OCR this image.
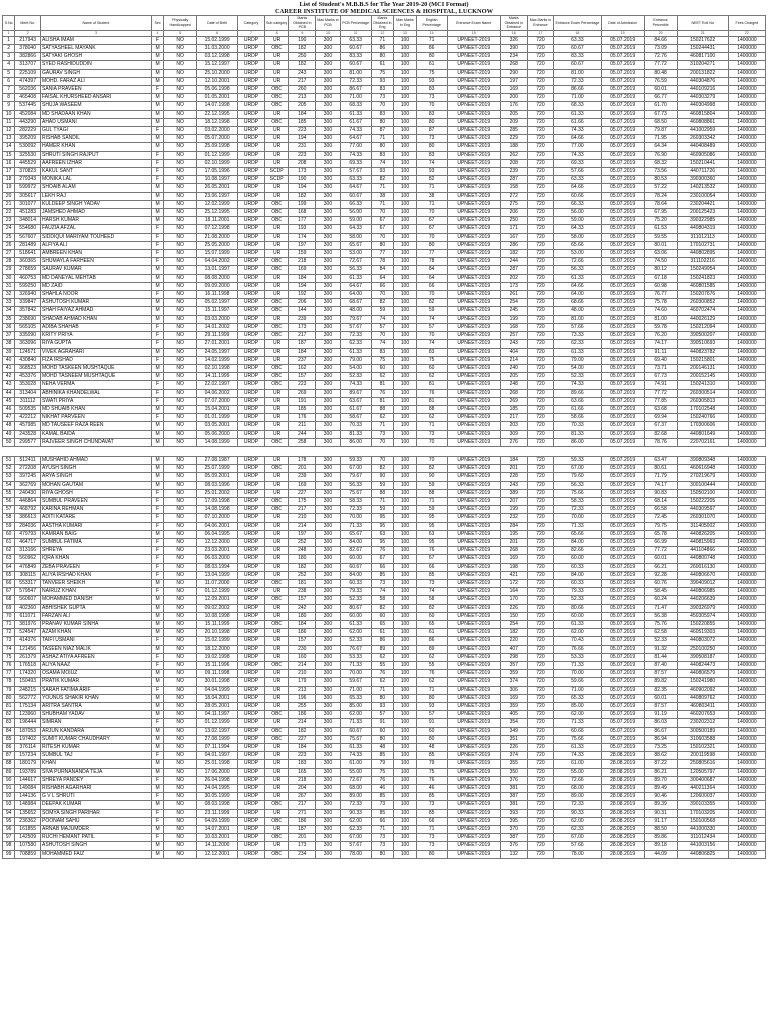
List of Student's M.B.B.S for The Year 2019-20 (MCI Format)
CAREER INSTITUTE OF MEDICAL SCIENCES & HOSPITAL, LUCKNOW
S.No	Merit No.	Name of Student	Sex	Physically Handicapped	Date of Birth	Category	Sub category	Marks Obtained in PCB	Max Marks in PCB	PCB Percentage	Marks Obtained in Eng	Max Marks in Eng	English Percentage	Entrance Exam Name	Marks Obtained in Entrance	Max Marks in Entrance	Entrance Exam Percentage	Date of Admission	Entrance Percentile	NEET Roll No	Fees Charged
1	2	3	4	5	6	7	8	9	10	11	12	13	14	15	16	17	18	19	20	21	22
1	217943	ALISHA IMAM	F	NO	15.02.1999	URDP	UR	190	300	63.33	71	100	71	UPNEET-2019	326	720	63.33	05.07.2019	84.66	150217622	1400000
2	378040	SATYASHEEL MAYANK	M	NO	31.03.2000	URDP	OBC	182	300	60.67	86	100	86	UPNEET-2019	390	720	60.67	05.07.2019	73.09	150244431	1400000
3	382866	SATYAKI GHOSH	M	NO	03.12.1998	URDP	UR	250	300	83.33	80	100	80	UPNEET-2019	234	720	83.33	05.07.2019	72.76	460817100	1400000
4	313707	SYED RASHIDUDDIN	M	NO	15.12.1997	URDP	UR	182	300	60.67	61	100	61	UPNEET-2019	268	720	60.67	05.07.2019	77.72	310204271	1400000
5	225109	GAURAV SINGH	M	NO	25.10.2000	URDP	UR	243	300	81.00	75	100	75	UPNEET-2019	290	720	81.00	05.07.2019	80.48	200131822	1400000
6	474397	MOHD. FARAZ ALI	M	NO	12.10.2001	URDP	UR	217	300	72.33	93	100	93	UPNEET-2019	197	720	72.33	05.07.2019	76.59	440304876	1400000
7	562036	SANIA PRAVEEN	F	NO	05.06.1998	URDP	OBC	260	300	86.67	83	100	83	UPNEET-2019	169	720	86.66	05.07.2019	60.01	440109216	1400000
8	465408	FAISAL KHURSHEED ANSARI	M	NO	01.05.2001	URDP	OBC	213	300	71.00	73	100	73	UPNEET-2019	200	720	71.00	05.07.2019	66.77	440303279	1400000
9	537445	SHUJA WASEEM	M	NO	14.07.1998	URDP	OBC	205	300	68.33	70	100	70	UPNEET-2019	176	720	68.33	05.07.2019	61.70	440304998	1400000
10	452084	MD SHADAAN KHAN	M	NO	22.12.1995	URDP	UR	184	300	61.33	83	100	83	UPNEET-2019	205	720	61.33	05.07.2019	67.73	460815804	1400000
11	443290	AHAD USMANI	M	NO	18.12.1998	URDP	OBC	185	300	61.67	80	100	80	UPNEET-2019	209	720	61.66	05.07.2019	68.50	460808861	1400000
12	282229	GUL TYAGI	F	NO	03.02.2000	URDP	UR	223	300	74.33	87	100	87	UPNEET-2019	285	720	74.33	05.07.2019	79.87	441002959	1400000
13	395209	RISHAB SANDIL	M	NO	05.07.2000	URDP	UR	194	300	64.67	71	100	73	UPNEET-2019	229	720	64.66	05.07.2019	71.95	260303342	1400000
14	530092	HAMER KHAN	M	NO	25.09.1998	URDP	UR	231	300	77.00	80	100	80	UPNEET-2019	188	720	77.00	05.07.2019	64.34	440408489	1400000
15	325530	SHRUTI SINGH RAJPUT	F	NO	01.12.1999	URDP	UR	223	300	74.33	83	100	83	UPNEET-2019	262	720	74.33	05.07.2019	76.90	460905086	1400000
16	445529	AAFREEN IZHAR	F	NO	02.10.1999	URDP	UR	208	300	69.33	74	100	74	UPNEET-2019	208	720	69.33	05.07.2019	68.32	150210441	1400000
17	370823	KAKUL SANT	F	NO	17.05.1996	URDP	SCDP	173	300	57.67	93	100	93	UPNEET-2019	239	720	57.66	05.07.2019	73.56	440711726	1400000
18	279343	MONIKA LAL	F	NO	10.08.1997	URDP	SCDP	190	300	63.33	82	100	82	UPNEET-2019	287	720	63.33	05.07.2019	80.53	390300360	1400000
19	599972	SHOAIB ALAM	M	NO	26.05.2001	URDP	UR	194	300	64.67	71	100	71	UPNEET-2019	158	720	64.66	05.07.2019	57.22	140213532	1400000
20	305617	LEKH RAJ	M	NO	23.06.1997	URDP	UR	182	300	60.67	38	100	38	UPNEET-2019	272	720	60.66	05.07.2019	78.24	230100054	1400000
21	301077	KULDEEP SINGH YADAV	M	NO	12.02.1999	URDP	OBC	199	300	66.33	71	100	71	UPNEET-2019	275	720	66.33	05.07.2019	78.64	230204421	1400000
22	451283	JAMSHED AHMAD	M	NO	25.12.1995	URDP	OBC	168	300	56.00	70	100	70	UPNEET-2019	206	720	56.00	05.07.2019	67.95	200125423	1400000
23	348014	HARSH KUMAR	M	NO	18.11.2001	URDP	OBC	177	300	59.00	67	100	67	UPNEET-2019	250	720	59.00	05.07.2019	75.20	390322985	1400000
24	554680	FAUZIA AFZAL	F	NO	07.12.1998	URDP	UR	193	300	64.33	67	100	67	UPNEET-2019	171	720	64.33	05.07.2019	61.53	440804319	1400000
25	567607	SIDDIQUI MARIYAM TOUHEED	F	NO	21.08.2000	URDP	UR	174	300	58.00	70	100	70	UPNEET-2019	167	720	58.00	05.07.2019	59.55	311012113	1400000
26	281489	ALFIYA ALI	F	NO	25.05.2000	URDP	UR	197	300	65.67	80	100	80	UPNEET-2019	286	720	65.66	05.07.2019	80.01	170102731	1400000
27	518641	AMBREEN KHAN	F	NO	15.07.1999	URDP	UR	159	300	53.00	77	100	77	UPNEET-2019	182	720	53.00	05.07.2019	63.06	440802895	1400000
28	360365	SHUMAYLA FARHEEN	F	NO	04.04.2002	URDP	OBC	218	300	72.67	78	100	78	UPNEET-2019	244	720	72.66	05.07.2019	74.50	311102216	1400000
29	278659	SAURAV KUMAR	M	NO	13.01.1997	URDP	OBC	169	300	56.33	84	100	84	UPNEET-2019	287	720	56.33	05.07.2019	80.12	150249954	1400000
30	460753	MD DANEYAL MEHTAB	M	NO	08.08.2000	URDP	UR	184	300	61.33	64	100	64	UPNEET-2019	202	720	61.33	05.07.2019	67.18	150241823	1400000
31	599250	MD ZAID	M	NO	09.09.2000	URDP	UR	194	300	64.67	66	100	66	UPNEET-2019	173	720	64.66	05.07.2019	60.98	460801585	1400000
32	326940	SHAHLA NOOR	F	NO	16.11.1998	URDP	UR	192	300	64.00	70	100	70	UPNEET-2019	261	720	64.00	05.07.2019	76.77	150207676	1400000
33	339847	ASHUTOSH KUMAR	M	NO	05.02.1997	URDP	OBC	206	300	68.67	82	100	82	UPNEET-2019	254	720	68.66	05.07.2019	75.78	260300852	1400000
34	357842	SHAH FAIYAZ AHMAD	M	NO	15.11.1997	URDP	OBC	144	300	48.00	59	100	59	UPNEET-2019	245	720	48.00	05.07.2019	74.60	460702474	1400000
35	238690	SHADAB AHMAD KHAN	M	NO	03.03.2000	URDP	UR	239	300	79.67	74	100	74	UPNEET-2019	199	720	81.00	05.07.2019	81.00	440026129	1400000
36	565105	ADIBA SHAHAB	F	NO	14.01.2002	URDP	OBC	173	300	57.67	57	100	57	UPNEET-2019	168	720	57.66	05.07.2019	59.78	150212094	1400000
37	335090	KRITY PRIYA	F	NO	29.11.1999	URDP	OBC	217	300	72.33	70	100	70	UPNEET-2019	257	720	73.33	05.07.2019	76.20	390500207	1400000
38	363096	RIYA GUPTA	F	NO	27.01.2001	URDP	UR	187	300	62.33	74	100	74	UPNEET-2019	243	720	62.33	05.07.2019	74.17	390510693	1400000
39	124571	VIVEK AGRAHARI	M	NO	24.05.1997	URDP	UR	184	300	61.33	83	100	83	UPNEET-2019	404	720	61.33	05.07.2019	91.11	440823782	1400000
40	430840	FIZA IRSHAD	F	NO	14.02.1999	URDP	UR	237	300	79.00	75	100	75	UPNEET-2019	214	720	79.00	05.07.2019	69.40	150215801	1400000
41	368523	MOHD TASKEEN MUSHTAQUE	M	NO	02.10.1998	URDP	OBC	162	300	54.00	60	100	60	UPNEET-2019	240	720	54.00	05.07.2019	73.71	200146131	1400000
42	453376	MOHD TASNEEM MUSHTAQUE	M	NO	14.11.1999	URDP	OBC	157	300	52.33	62	100	62	UPNEET-2019	205	720	52.33	05.07.2019	67.73	200152145	1400000
43	353028	NEHA VERMA	F	NO	22.02.1997	URDP	OBC	223	300	74.33	81	100	81	UPNEET-2019	248	720	74.33	05.07.2019	74.91	150241310	1400000
44	313404	ABHINIKA KHANDELWAL	F	NO	04.06.2002	URDP	UR	269	300	89.67	76	100	76	UPNEET-2019	268	720	89.66	05.07.2019	77.72	260300514	1400000
45	311112	SWATI PRIYA	F	NO	07.07.2000	URDP	UR	191	300	63.67	81	100	81	UPNEET-2019	269	720	63.66	05.07.2019	77.85	260305813	1400000
46	509535	MD SHUAIB KHAN	M	NO	15.04.2001	URDP	UR	185	300	61.67	88	100	88	UPNEET-2019	185	720	61.66	05.07.2019	63.68	170102548	1400000
47	422212	NIKHAT PARVEEN	F	NO	01.01.1999	URDP	UR	176	300	58.67	62	100	62	UPNEET-2019	217	720	58.66	05.07.2019	69.94	150240766	1400000
48	457985	MD TAUSEEF RAZA REEN	M	NO	03.05.2001	URDP	UR	211	300	70.33	71	100	71	UPNEET-2019	203	720	70.33	05.07.2019	67.37	170300606	1400000
49	243528	KAMAL BAIDA	M	NO	05.06.2000	URDP	UR	244	300	81.33	73	100	73	UPNEET-2019	309	720	81.33	05.07.2019	82.68	440801649	1400000
50	299577	RAJVEER SINGH CHUNDAVAT	M	NO	14.08.1999	URDP	OBC	258	300	86.00	70	100	70	UPNEET-2019	276	720	86.00	05.07.2019	78.76	220702161	1400000

51	512411	MUSHAHID AHMAD	M	NO	27.08.1987	URDP	UR	178	300	59.33	70	100	70	UPNEET-2019	184	720	59.33	05.07.2019	63.47	390809348	1400000
52	272208	AYUSH SINGH	M	NO	25.07.1999	URDP	OBC	201	300	67.00	82	100	82	UPNEET-2019	201	720	67.00	05.07.2019	80.61	460616948	1400000
53	397245	ARYA SINGH	M	NO	05.09.2001	URDP	UR	239	300	79.67	90	100	90	UPNEET-2019	228	720	79.60	05.07.2019	71.79	270219679	1400000
54	362769	MOHAN GAUTAM	M	NO	08.03.1996	URDP	UR	169	300	56.33	59	100	59	UPNEET-2019	243	720	56.33	05.07.2019	74.17	300100444	1400000
55	240430	RIYA GHOSH	F	NO	25.01.2002	URDP	UR	227	300	75.67	88	100	88	UPNEET-2019	389	720	75.66	05.07.2019	90.83	150502100	1400000
56	446864	SUMBUL PRAVEEN	F	NO	17.09.1998	URDP	OBC	175	300	58.33	71	100	71	UPNEET-2019	207	720	58.33	05.07.2019	68.14	150222205	1400000
57	468792	KARINA REHMAN	F	NO	14.08.1998	URDP	OBC	217	300	72.33	59	100	59	UPNEET-2019	199	720	72.33	05.07.2019	66.58	440309597	1400000
58	386613	ADITI KATARE	F	NO	07.10.2000	URDP	UR	210	300	70.00	95	100	95	UPNEET-2019	232	720	70.00	05.07.2019	72.45	260301070	1400000
59	284036	AASTHA KUMARI	F	NO	04.06.2001	URDP	UR	214	300	71.33	95	100	95	UPNEET-2019	284	720	71.33	05.07.2019	79.75	311405002	1400000
60	479793	KAMRAN BAIG	M	NO	06.04.1995	URDP	UR	197	300	65.67	63	100	63	UPNEET-2019	195	720	65.66	05.07.2019	65.78	440826205	1400000
61	464717	SUMBUL FATIMA	F	NO	12.12.2000	URDP	UR	252	300	84.00	95	100	95	UPNEET-2019	201	720	84.00	05.07.2019	66.99	440815993	1400000
62	313166	SHREYA	F	NO	23.03.2001	URDP	UR	248	300	82.67	76	100	76	UPNEET-2019	268	720	82.66	05.07.2019	77.72	441104866	1400000
63	560962	IQRA KHAN	F	NO	06.03.2000	URDP	UR	180	300	60.00	67	100	67	UPNEET-2019	169	720	60.00	05.07.2019	60.01	440800748	1400000
64	476849	ZEBA PRAVEEN	F	NO	08.03.1994	URDP	UR	182	300	60.67	66	100	66	UPNEET-2019	198	720	60.33	05.07.2019	66.21	260016130	1400000
65	308115	ALIYA IRSHAD KHAN	F	NO	13.04.1999	URDP	UR	252	300	84.00	85	100	85	UPNEET-2019	421	720	84.00	05.07.2019	92.28	440806670	1400000
66	553317	TANVEER SHEIKH	M	NO	11.07.2000	URDP	OBC	181	300	60.33	73	100	73	UPNEET-2019	172	720	60.33	05.07.2019	60.76	390409012	1400000
67	579547	NAIRUZ KHAN	F	NO	01.12.1999	URDP	UR	238	300	79.33	74	100	74	UPNEET-2019	164	720	79.33	05.07.2019	58.45	440806985	1400000
68	560607	MOHAMMED DANISH	M	NO	12.09.2001	URDP	OBC	157	300	52.33	58	100	58	UPNEET-2019	170	720	52.33	05.07.2019	60.24	440206639	1400000
69	402360	ABHISHEK GUPTA	M	NO	09.02.2002	URDP	UR	242	300	80.67	82	100	82	UPNEET-2019	226	720	80.66	05.07.2019	71.47	390326979	1400000
70	611071	FARZAN ALI	M	NO	10.08.1998	URDP	UR	180	300	60.00	60	100	60	UPNEET-2019	150	720	60.00	05.07.2019	56.38	450305974	1400000
71	381976	PRANAV KUMAR SINHA	M	NO	15.11.1999	URDP	OBC	184	300	61.33	65	100	65	UPNEET-2019	254	720	61.33	05.07.2019	75.76	150220855	1400000
72	524547	AZAM KHAN	M	NO	20.10.1998	URDP	UR	186	300	62.00	61	100	61	UPNEET-2019	182	720	62.00	05.07.2019	62.58	460519303	1400000
73	414376	TAIFI USMANI	F	NO	15.02.1999	URDP	UR	157	300	52.33	86	100	86	UPNEET-2019	220	720	70.43	05.07.2019	52.33	440803072	1400000
74	121456	TASEEN NIAZ MALIK	M	NO	18.12.2000	URDP	UR	230	300	76.67	89	100	89	UPNEET-2019	407	720	76.66	05.07.2019	91.32	250100250	1400000
75	261379	ASHAZ ATIYA AFREEN	F	NO	19.02.1998	URDP	UR	160	300	53.33	62	100	62	UPNEET-2019	298	720	53.33	05.07.2019	81.44	390508187	1400000
76	176518	ALIYA NAAZ	F	NO	15.11.1996	URDP	OBC	214	300	71.33	55	100	55	UPNEET-2019	357	720	71.33	05.07.2019	87.40	440824473	1400000
77	174320	OSAMA MOIUZ	M	NO	09.11.1998	URDP	UR	210	300	70.00	76	100	76	UPNEET-2019	359	720	70.00	05.07.2019	87.57	440806579	1400000
78	150493	PRATIK KUMAR	M	NO	30.01.1998	URDP	UR	179	300	59.67	62	100	62	UPNEET-2019	374	720	59.66	05.07.2019	89.82	150241980	1400000
79	248215	SARAH FATIMA ARIF	F	NO	04.04.1999	URDP	UR	213	300	71.00	71	100	71	UPNEET-2019	306	720	71.00	05.07.2019	82.35	460902092	1400000
80	562772	YOUNUS SHAKIR KHAN	M	NO	18.04.2001	URDP	UR	196	300	65.33	80	100	80	UPNEET-2019	169	720	65.33	05.07.2019	60.01	440809762	1400000
81	175134	ARITRA SANTRA	M	NO	28.05.2001	URDP	UR	255	300	85.00	93	100	93	UPNEET-2019	359	720	85.00	05.07.2019	87.57	460803411	1400000
82	123960	SHUBHAM YADAV	M	NO	04.11.1997	URDP	OBC	186	300	62.00	57	100	57	UPNEET-2019	405	720	62.00	05.07.2019	91.19	460207653	1400000
83	196444	SIMRAN	F	NO	01.12.1999	URDP	UR	214	300	71.33	91	100	91	UPNEET-2019	354	720	71.33	05.07.2019	86.03	230202312	1400000
84	187053	ARJUN KANDARA	M	NO	13.02.1997	URDP	OBC	182	300	60.67	60	100	60	UPNEET-2019	349	720	60.66	05.07.2019	86.67	300500189	1400000
85	197402	SUMIT KUMAR CHAUDHARY	M	NO	27.08.1999	URDP	OBC	227	300	75.67	80	100	80	UPNEET-2019	351	720	75.66	05.07.2019	86.94	310603588	1400000
86	376114	RITESH KUMAR	M	NO	07.11.1994	URDP	UR	184	300	61.33	48	100	48	UPNEET-2019	226	720	61.33	05.07.2019	73.25	150102321	1400000
87	157234	SUMBUL TAJ	F	NO	04.01.1997	URDP	UR	223	300	74.33	85	100	85	UPNEET-2019	374	720	74.33	28.08.2019	88.62	200119598	1400000
88	180179	KHAN	M	NO	25.01.1998	URDP	UR	183	300	61.00	79	100	79	UPNEET-2019	355	720	61.00	28.08.2019	87.22	250805616	1400000
89	193789	SIVA PURNANANDA TEJA	M	NO	17.06.2000	URDP	UR	165	300	55.00	75	100	75	UPNEET-2019	350	720	55.00	28.08.2019	86.21	120505797	1400000
90	144617	SHREYA PANDEY	F	NO	26.04.1998	URDP	UR	218	300	72.67	76	100	76	UPNEET-2019	376	720	72.66	28.08.2019	89.70	300400687	1400000
91	149084	RISHABH AGARHARI	M	NO	24.04.1995	URDP	UR	204	300	68.00	46	100	46	UPNEET-2019	381	720	68.00	28.08.2019	89.49	440211364	1400000
92	144136	G V L SHRUTI	F	NO	30.05.1999	URDP	UR	267	300	89.00	85	100	85	UPNEET-2019	387	720	89.00	28.08.2019	90.46	120600037	1400000
93	148984	DEEPAK KUMAR	M	NO	08.03.1998	URDP	OBC	217	300	72.33	73	100	73	UPNEET-2019	381	720	72.33	28.08.2019	89.39	390103355	1400000
94	135652	SOMYA SINGH PARIHAR	F	NO	23.11.1999	URDP	UR	271	300	90.33	85	100	85	UPNEET-2019	393	720	90.33	28.08.2019	90.31	170103205	1400000
95	236362	POONAM SAHU	F	NO	04.09.1999	URDP	OBC	186	300	62.00	66	100	66	UPNEET-2019	395	720	62.00	28.08.2019	91.17	150100568	1400000
96	161855	ARNAB MAJUMDER	M	NO	14.07.2001	URDP	UR	187	300	62.33	71	100	71	UPNEET-2019	370	720	62.33	28.08.2019	88.50	441000330	1400000
97	142509	RUCHI HEMANT PATIL	F	NO	10.03.2001	URDP	OBC	201	300	67.00	73	100	73	UPNEET-2019	387	720	67.00	28.08.2019	89.86	311012434	1400000
98	107580	ASHUTOSH SINGH	M	NO	14.11.2000	URDP	UR	173	300	57.67	73	100	73	UPNEET-2019	376	720	57.66	28.08.2019	89.18	441003156	1400000
99	708859	MOHAMMED FAIZ	M	NO	12.12.2001	URDP	OBC	234	300	78.00	80	100	80	UPNEET-2019	132	720	78.00	28.08.2019	44.09	440806825	1400000
